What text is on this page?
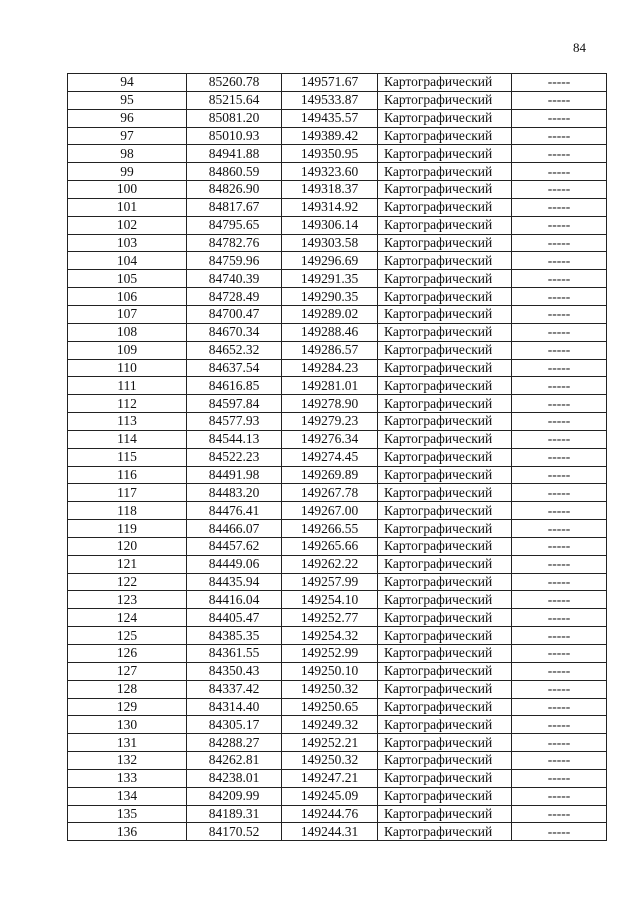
84
94	85260.78	149571.67	Картографический	-----
95	85215.64	149533.87	Картографический	-----
96	85081.20	149435.57	Картографический	-----
97	85010.93	149389.42	Картографический	-----
98	84941.88	149350.95	Картографический	-----
99	84860.59	149323.60	Картографический	-----
100	84826.90	149318.37	Картографический	-----
101	84817.67	149314.92	Картографический	-----
102	84795.65	149306.14	Картографический	-----
103	84782.76	149303.58	Картографический	-----
104	84759.96	149296.69	Картографический	-----
105	84740.39	149291.35	Картографический	-----
106	84728.49	149290.35	Картографический	-----
107	84700.47	149289.02	Картографический	-----
108	84670.34	149288.46	Картографический	-----
109	84652.32	149286.57	Картографический	-----
110	84637.54	149284.23	Картографический	-----
111	84616.85	149281.01	Картографический	-----
112	84597.84	149278.90	Картографический	-----
113	84577.93	149279.23	Картографический	-----
114	84544.13	149276.34	Картографический	-----
115	84522.23	149274.45	Картографический	-----
116	84491.98	149269.89	Картографический	-----
117	84483.20	149267.78	Картографический	-----
118	84476.41	149267.00	Картографический	-----
119	84466.07	149266.55	Картографический	-----
120	84457.62	149265.66	Картографический	-----
121	84449.06	149262.22	Картографический	-----
122	84435.94	149257.99	Картографический	-----
123	84416.04	149254.10	Картографический	-----
124	84405.47	149252.77	Картографический	-----
125	84385.35	149254.32	Картографический	-----
126	84361.55	149252.99	Картографический	-----
127	84350.43	149250.10	Картографический	-----
128	84337.42	149250.32	Картографический	-----
129	84314.40	149250.65	Картографический	-----
130	84305.17	149249.32	Картографический	-----
131	84288.27	149252.21	Картографический	-----
132	84262.81	149250.32	Картографический	-----
133	84238.01	149247.21	Картографический	-----
134	84209.99	149245.09	Картографический	-----
135	84189.31	149244.76	Картографический	-----
136	84170.52	149244.31	Картографический	-----
